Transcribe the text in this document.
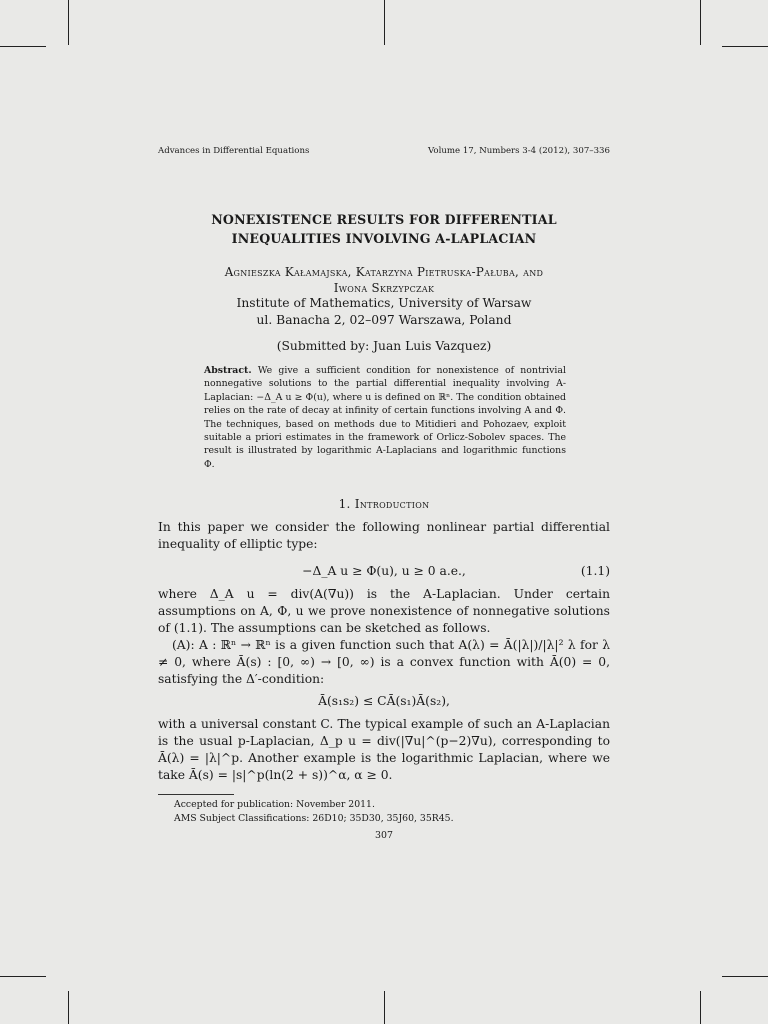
Advances in Differential Equations	Volume 17, Numbers 3-4 (2012), 307–336
NONEXISTENCE RESULTS FOR DIFFERENTIAL
INEQUALITIES INVOLVING A-LAPLACIAN
Agnieszka Kałamajska, Katarzyna Pietruska-Pałuba, and
Iwona Skrzypczak
Institute of Mathematics, University of Warsaw
ul. Banacha 2, 02–097 Warszawa, Poland
(Submitted by: Juan Luis Vazquez)
Abstract. We give a sufficient condition for nonexistence of nontrivial nonnegative solutions to the partial differential inequality involving A-Laplacian: −Δ_A u ≥ Φ(u), where u is defined on ℝⁿ. The condition obtained relies on the rate of decay at infinity of certain functions involving A and Φ. The techniques, based on methods due to Mitidieri and Pohozaev, exploit suitable a priori estimates in the framework of Orlicz-Sobolev spaces. The result is illustrated by logarithmic A-Laplacians and logarithmic functions Φ.
1. Introduction
In this paper we consider the following nonlinear partial differential inequality of elliptic type:
−Δ_A u ≥ Φ(u), u ≥ 0 a.e.,	(1.1)
where Δ_A u = div(A(∇u)) is the A-Laplacian. Under certain assumptions on A, Φ, u we prove nonexistence of nonnegative solutions of (1.1). The assumptions can be sketched as follows.
(A): A : ℝⁿ → ℝⁿ is a given function such that A(λ) = Ā(|λ|)/|λ|² λ for λ ≠ 0, where Ā(s) : [0, ∞) → [0, ∞) is a convex function with Ā(0) = 0, satisfying the Δ′-condition:
Ā(s₁s₂) ≤ CĀ(s₁)Ā(s₂),
with a universal constant C. The typical example of such an A-Laplacian is the usual p-Laplacian, Δ_p u = div(|∇u|^(p−2)∇u), corresponding to Ā(λ) = |λ|^p. Another example is the logarithmic Laplacian, where we take Ā(s) = |s|^p(ln(2 + s))^α, α ≥ 0.
Accepted for publication: November 2011.
AMS Subject Classifications: 26D10; 35D30, 35J60, 35R45.
307
